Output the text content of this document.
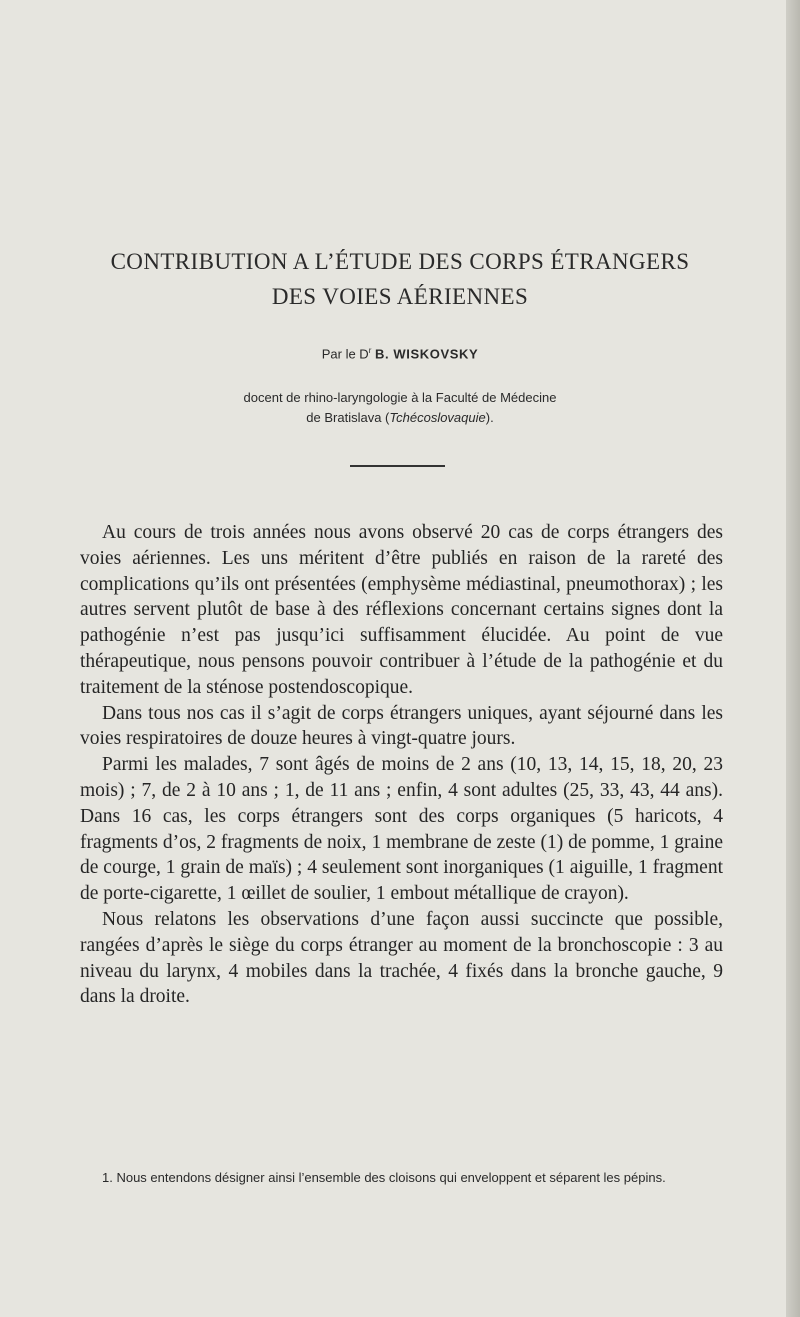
CONTRIBUTION A L’ÉTUDE DES CORPS ÉTRANGERS
DES VOIES AÉRIENNES
Par le $D^r$ B. WISKOVSKY
docent de rhino-laryngologie à la Faculté de Médecine
de Bratislava (Tchécoslovaquie).

Au cours de trois années nous avons observé 20 cas de corps étrangers des voies aériennes. Les uns méritent d’être publiés en raison de la rareté des complications qu’ils ont présentées (emphysème médiastinal, pneumothorax) ; les autres servent plutôt de base à des réflexions concernant certains signes dont la pathogénie n’est pas jusqu’ici suffisamment élucidée. Au point de vue thérapeutique, nous pensons pouvoir contribuer à l’étude de la pathogénie et du traitement de la sténose postendoscopique.

Dans tous nos cas il s’agit de corps étrangers uniques, ayant séjourné dans les voies respiratoires de douze heures à vingt-quatre jours.

Parmi les malades, 7 sont âgés de moins de 2 ans (10, 13, 14, 15, 18, 20, 23 mois) ; 7, de 2 à 10 ans ; 1, de 11 ans ; enfin, 4 sont adultes (25, 33, 43, 44 ans). Dans 16 cas, les corps étrangers sont des corps organiques (5 haricots, 4 fragments d’os, 2 fragments de noix, 1 membrane de zeste (1) de pomme, 1 graine de courge, 1 grain de maïs) ; 4 seulement sont inorganiques (1 aiguille, 1 fragment de porte-cigarette, 1 œillet de soulier, 1 embout métallique de crayon).

Nous relatons les observations d’une façon aussi succincte que possible, rangées d’après le siège du corps étranger au moment de la bronchoscopie : 3 au niveau du larynx, 4 mobiles dans la trachée, 4 fixés dans la bronche gauche, 9 dans la droite.

1. Nous entendons désigner ainsi l’ensemble des cloisons qui enveloppent et séparent les pépins.
